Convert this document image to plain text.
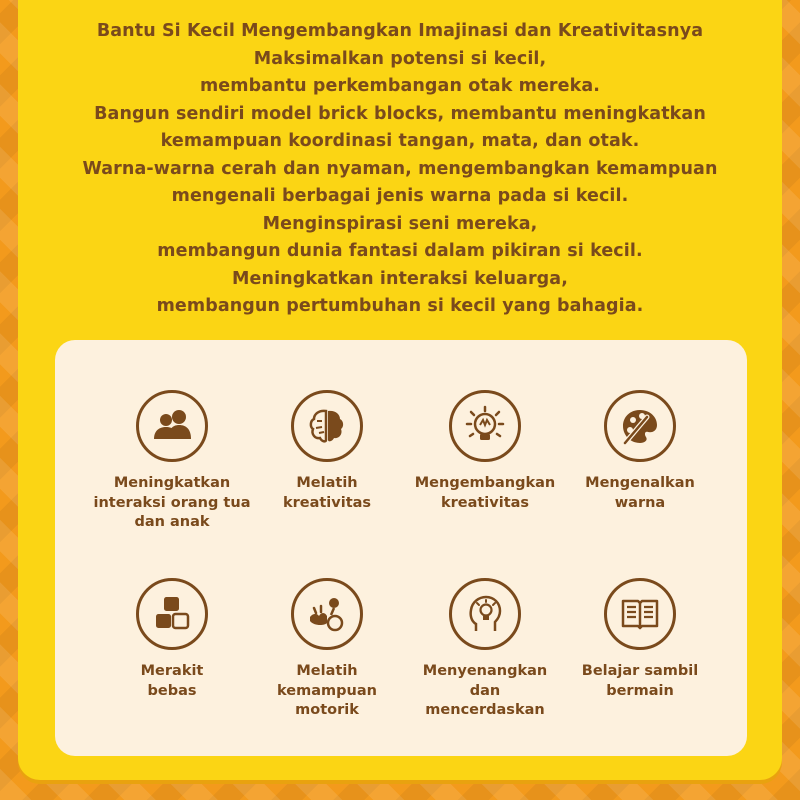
Bantu Si Kecil Mengembangkan Imajinasi dan Kreativitasnya
Maksimalkan potensi si kecil,
membantu perkembangan otak mereka.
Bangun sendiri model brick blocks, membantu meningkatkan
kemampuan koordinasi tangan, mata, dan otak.
Warna-warna cerah dan nyaman, mengembangkan kemampuan
mengenali berbagai jenis warna pada si kecil.
Menginspirasi seni mereka,
membangun dunia fantasi dalam pikiran si kecil.
Meningkatkan interaksi keluarga,
membangun pertumbuhan si kecil yang bahagia.
Meningkatkan
interaksi orang tua
dan anak
Melatih
kreativitas
Mengembangkan
kreativitas
Mengenalkan
warna
Merakit
bebas
Melatih
kemampuan
motorik
Menyenangkan
dan
mencerdaskan
Belajar sambil
bermain
